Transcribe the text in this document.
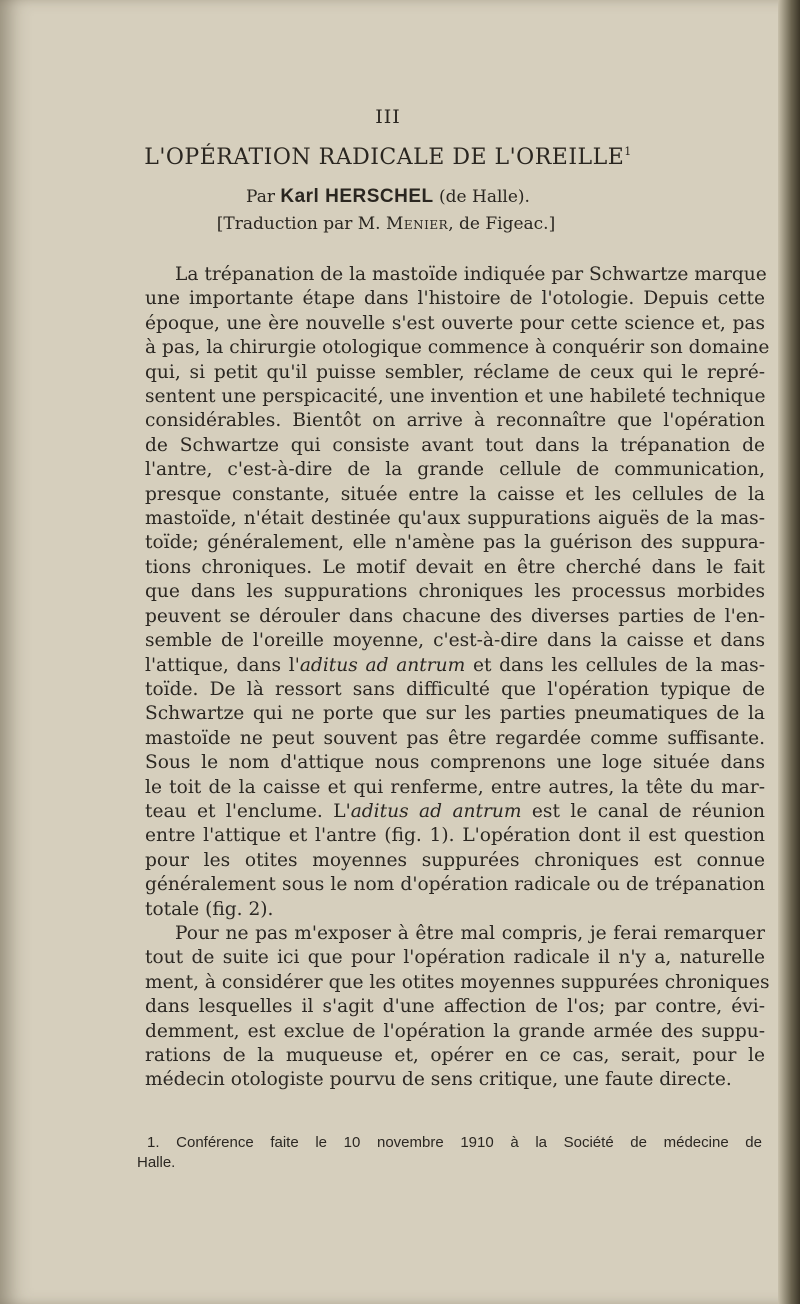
III
L'OPÉRATION RADICALE DE L'OREILLE$^1$
Par Karl HERSCHEL (de Halle).
[Traduction par M. Menier, de Figeac.]
La trépanation de la mastoïde indiquée par Schwartze marque
une importante étape dans l'histoire de l'otologie. Depuis cette
époque, une ère nouvelle s'est ouverte pour cette science et, pas
à pas, la chirurgie otologique commence à conquérir son domaine
qui, si petit qu'il puisse sembler, réclame de ceux qui le repré-
sentent une perspicacité, une invention et une habileté technique
considérables. Bientôt on arrive à reconnaître que l'opération
de Schwartze qui consiste avant tout dans la trépanation de
l'antre, c'est-à-dire de la grande cellule de communication,
presque constante, située entre la caisse et les cellules de la
mastoïde, n'était destinée qu'aux suppurations aiguës de la mas-
toïde; généralement, elle n'amène pas la guérison des suppura-
tions chroniques. Le motif devait en être cherché dans le fait
que dans les suppurations chroniques les processus morbides
peuvent se dérouler dans chacune des diverses parties de l'en-
semble de l'oreille moyenne, c'est-à-dire dans la caisse et dans
l'attique, dans l'aditus ad antrum et dans les cellules de la mas-
toïde. De là ressort sans difficulté que l'opération typique de
Schwartze qui ne porte que sur les parties pneumatiques de la
mastoïde ne peut souvent pas être regardée comme suffisante.
Sous le nom d'attique nous comprenons une loge située dans
le toit de la caisse et qui renferme, entre autres, la tête du mar-
teau et l'enclume. L'aditus ad antrum est le canal de réunion
entre l'attique et l'antre (fig. 1). L'opération dont il est question
pour les otites moyennes suppurées chroniques est connue
généralement sous le nom d'opération radicale ou de trépanation
totale (fig. 2).
Pour ne pas m'exposer à être mal compris, je ferai remarquer
tout de suite ici que pour l'opération radicale il n'y a, naturelle
ment, à considérer que les otites moyennes suppurées chroniques
dans lesquelles il s'agit d'une affection de l'os; par contre, évi-
demment, est exclue de l'opération la grande armée des suppu-
rations de la muqueuse et, opérer en ce cas, serait, pour le
médecin otologiste pourvu de sens critique, une faute directe.
1. Conférence faite le 10 novembre 1910 à la Société de médecine de
Halle.
